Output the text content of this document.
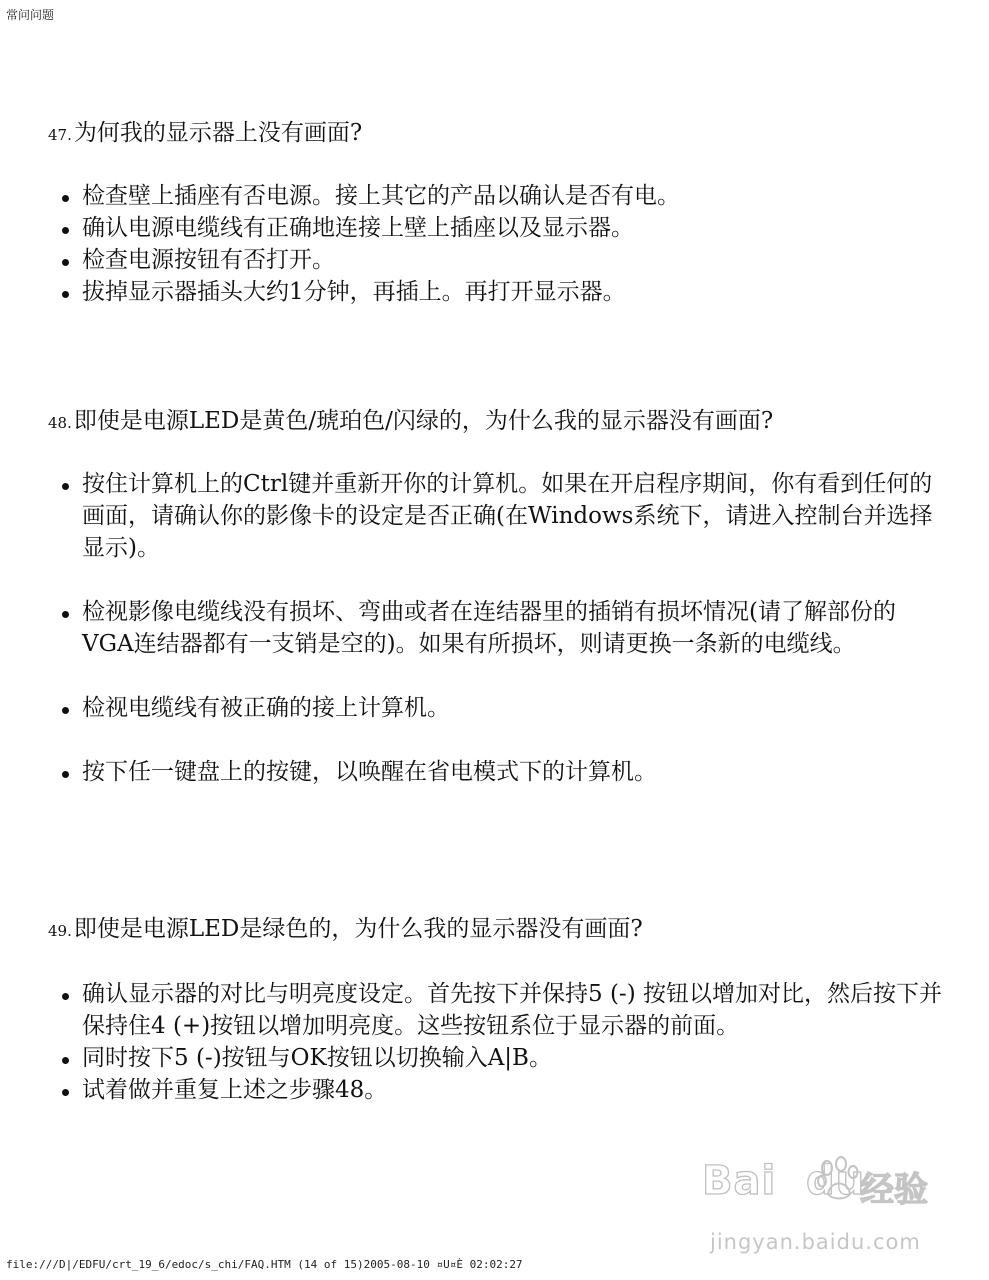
常问问题
47.为何我的显示器上没有画面?
检查壁上插座有否电源。接上其它的产品以确认是否有电。
确认电源电缆线有正确地连接上壁上插座以及显示器。
检查电源按钮有否打开。
拔掉显示器插头大约1分钟，再插上。再打开显示器。
48.即使是电源LED是黄色/琥珀色/闪绿的，为什么我的显示器没有画面?
按住计算机上的Ctrl键并重新开你的计算机。如果在开启程序期间，你有看到任何的画面，请确认你的影像卡的设定是否正确(在Windows系统下，请进入控制台并选择显示)。
检视影像电缆线没有损坏、弯曲或者在连结器里的插销有损坏情况(请了解部份的VGA连结器都有一支销是空的)。如果有所损坏，则请更换一条新的电缆线。
检视电缆线有被正确的接上计算机。
按下任一键盘上的按键，以唤醒在省电模式下的计算机。
49.即使是电源LED是绿色的，为什么我的显示器没有画面?
确认显示器的对比与明亮度设定。首先按下并保持5 (-) 按钮以增加对比，然后按下并保持住4 (+)按钮以增加明亮度。这些按钮系位于显示器的前面。
同时按下5 (-)按钮与OK按钮以切换输入A|B。
试着做并重复上述之步骤48。
Bai  du
经验
jingyan.baidu.com
file:///D|/EDFU/crt_19_6/edoc/s_chi/FAQ.HTM (14 of 15)2005-08-10 ¤U¤È 02:02:27
